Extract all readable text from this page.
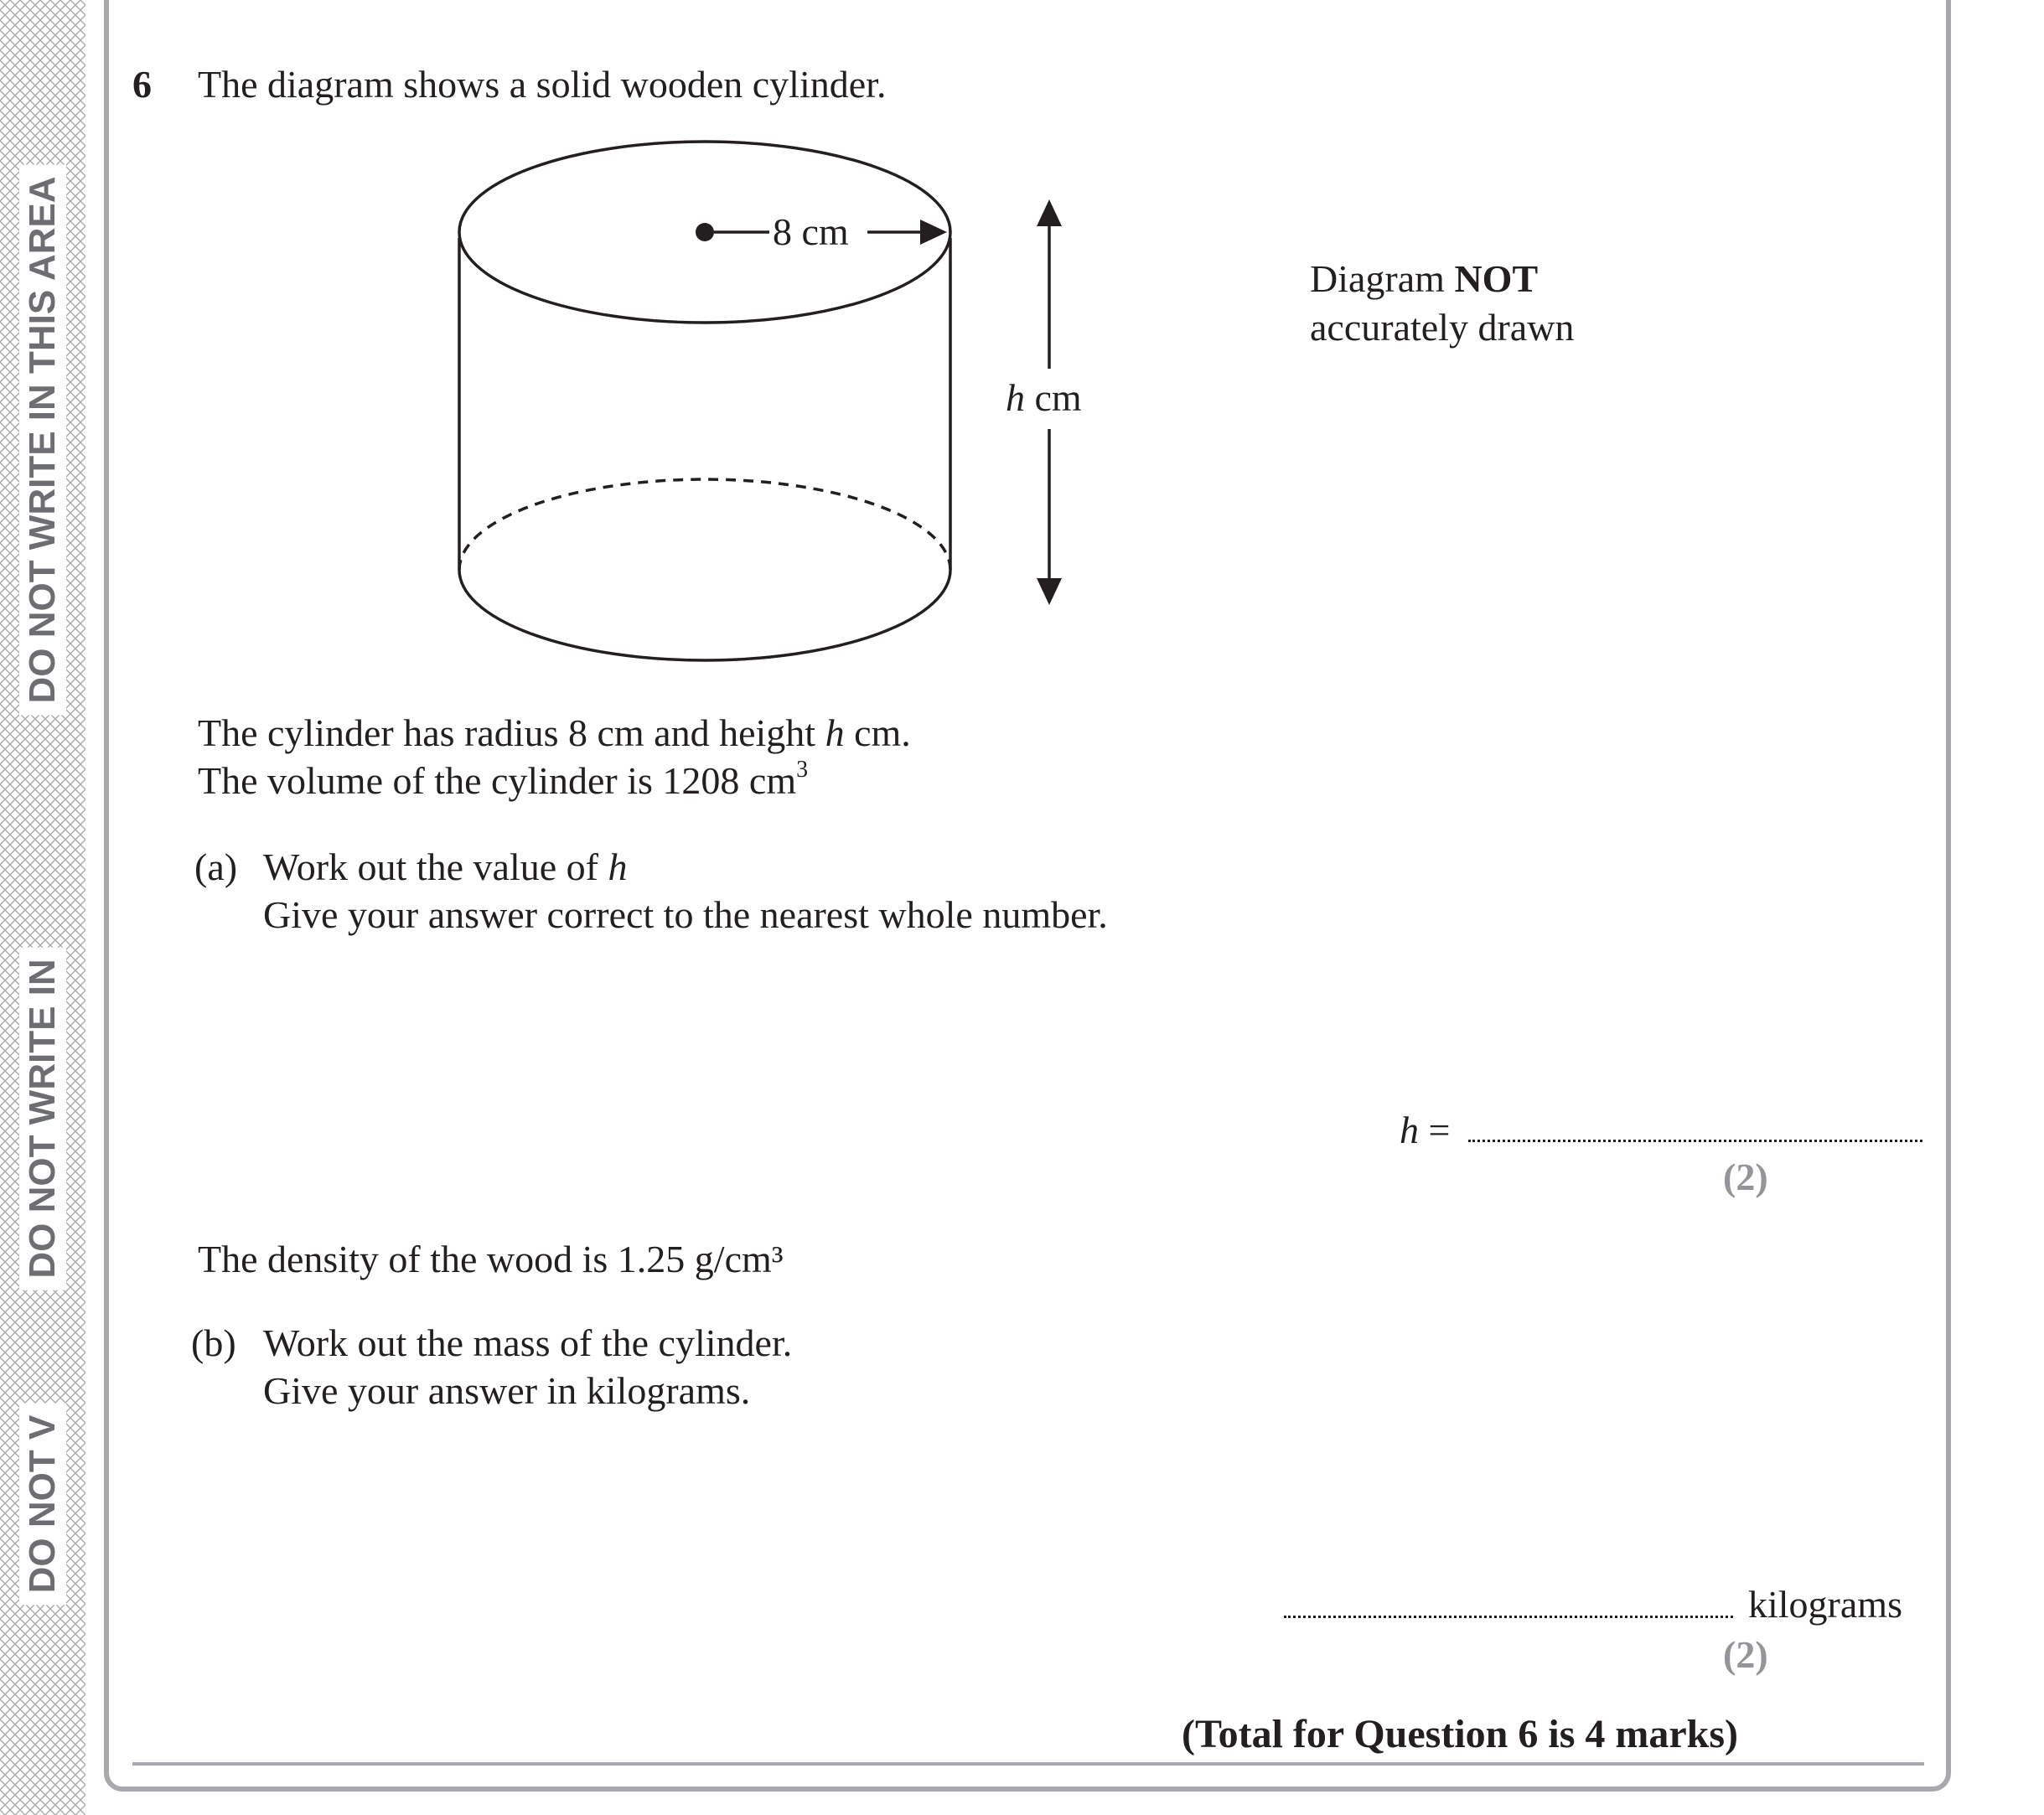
DO NOT WRITE IN THIS AREA
DO NOT WRITE IN
DO NOT V
6 The diagram shows a solid wooden cylinder.
8 cm
h cm
Diagram NOT
accurately drawn
The cylinder has radius 8 cm and height h cm.
The volume of the cylinder is 1208 $cm^3$
(a) Work out the value of h
Give your answer correct to the nearest whole number.
h =
(2)
The density of the wood is 1.25 g/cm³
(b) Work out the mass of the cylinder.
Give your answer in kilograms.
kilograms
(2)
(Total for Question 6 is 4 marks)
